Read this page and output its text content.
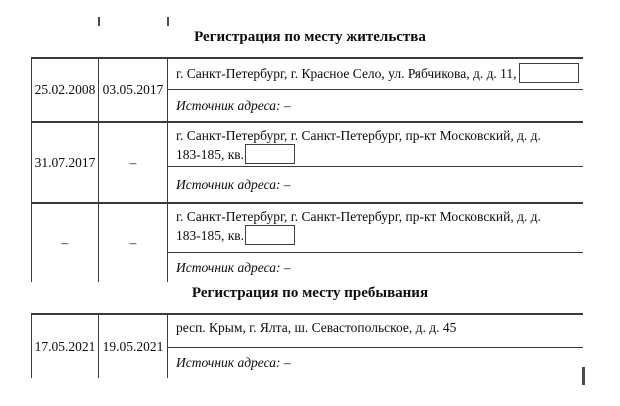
Регистрация по месту жительства
25.02.2008 03.05.2017
г. Санкт-Петербург, г. Красное Село, ул. Рябчикова, д. д. 11,
Источник адреса: –
31.07.2017	–
г. Санкт-Петербург, г. Санкт-Петербург, пр-кт Московский, д. д.
183-185, кв.
Источник адреса: –
–	–
г. Санкт-Петербург, г. Санкт-Петербург, пр-кт Московский, д. д.
183-185, кв.
Источник адреса: –
Регистрация по месту пребывания
17.05.2021 19.05.2021
респ. Крым, г. Ялта, ш. Севастопольское, д. д. 45
Источник адреса: –
